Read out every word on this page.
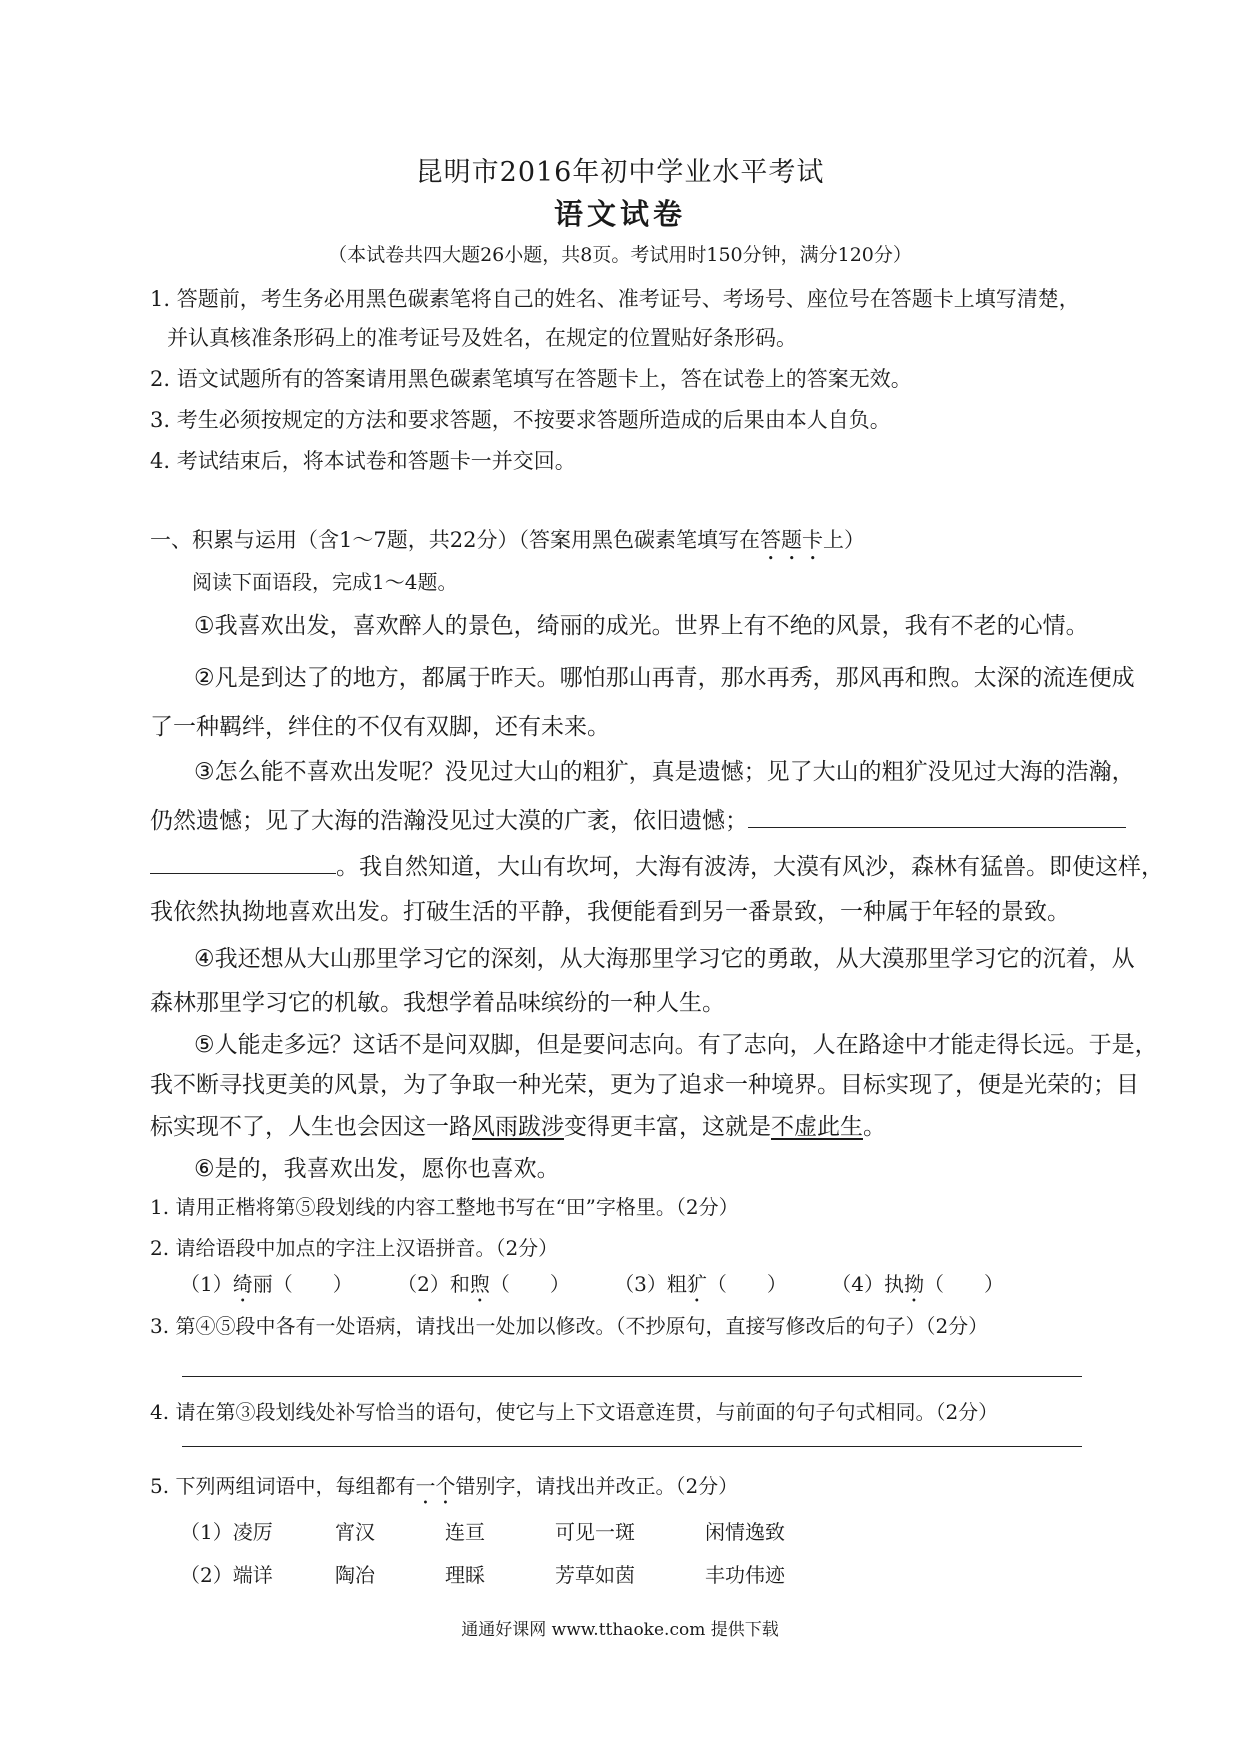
昆明市2016年初中学业水平考试
语文试卷
（本试卷共四大题26小题，共8页。考试用时150分钟，满分120分）
1. 答题前，考生务必用黑色碳素笔将自己的姓名、准考证号、考场号、座位号在答题卡上填写清楚，
并认真核准条形码上的准考证号及姓名，在规定的位置贴好条形码。
2. 语文试题所有的答案请用黑色碳素笔填写在答题卡上，答在试卷上的答案无效。
3. 考生必须按规定的方法和要求答题，不按要求答题所造成的后果由本人自负。
4. 考试结束后，将本试卷和答题卡一并交回。
一、积累与运用（含1～7题，共22分）（答案用黑色碳素笔填写在答题卡上）
阅读下面语段，完成1～4题。
①我喜欢出发，喜欢醉人的景色，绮丽的成光。世界上有不绝的风景，我有不老的心情。
②凡是到达了的地方，都属于昨天。哪怕那山再青，那水再秀，那风再和煦。太深的流连便成
了一种羁绊，绊住的不仅有双脚，还有未来。
③怎么能不喜欢出发呢？没见过大山的粗犷，真是遗憾；见了大山的粗犷没见过大海的浩瀚，
仍然遗憾；见了大海的浩瀚没见过大漠的广袤，依旧遗憾；
。我自然知道，大山有坎坷，大海有波涛，大漠有风沙，森林有猛兽。即使这样，
我依然执拗地喜欢出发。打破生活的平静，我便能看到另一番景致，一种属于年轻的景致。
④我还想从大山那里学习它的深刻，从大海那里学习它的勇敢，从大漠那里学习它的沉着，从
森林那里学习它的机敏。我想学着品味缤纷的一种人生。
⑤人能走多远？这话不是问双脚，但是要问志向。有了志向，人在路途中才能走得长远。于是，
我不断寻找更美的风景，为了争取一种光荣，更为了追求一种境界。目标实现了，便是光荣的；目
标实现不了，人生也会因这一路风雨跋涉变得更丰富，这就是不虚此生。
⑥是的，我喜欢出发，愿你也喜欢。
1. 请用正楷将第⑤段划线的内容工整地书写在“田”字格里。（2分）
2. 请给语段中加点的字注上汉语拼音。（2分）
（1）绮丽（　　） （2）和煦（　　） （3）粗犷（　　） （4）执拗（　　）
3. 第④⑤段中各有一处语病，请找出一处加以修改。（不抄原句，直接写修改后的句子）（2分）
4. 请在第③段划线处补写恰当的语句，使它与上下文语意连贯，与前面的句子句式相同。（2分）
5. 下列两组词语中，每组都有一个错别字，请找出并改正。（2分）
（1）凌厉	宵汉	连亘	可见一斑	闲情逸致
（2）端详	陶冶	理睬	芳草如茵	丰功伟迹
通通好课网 www.tthaoke.com 提供下载
